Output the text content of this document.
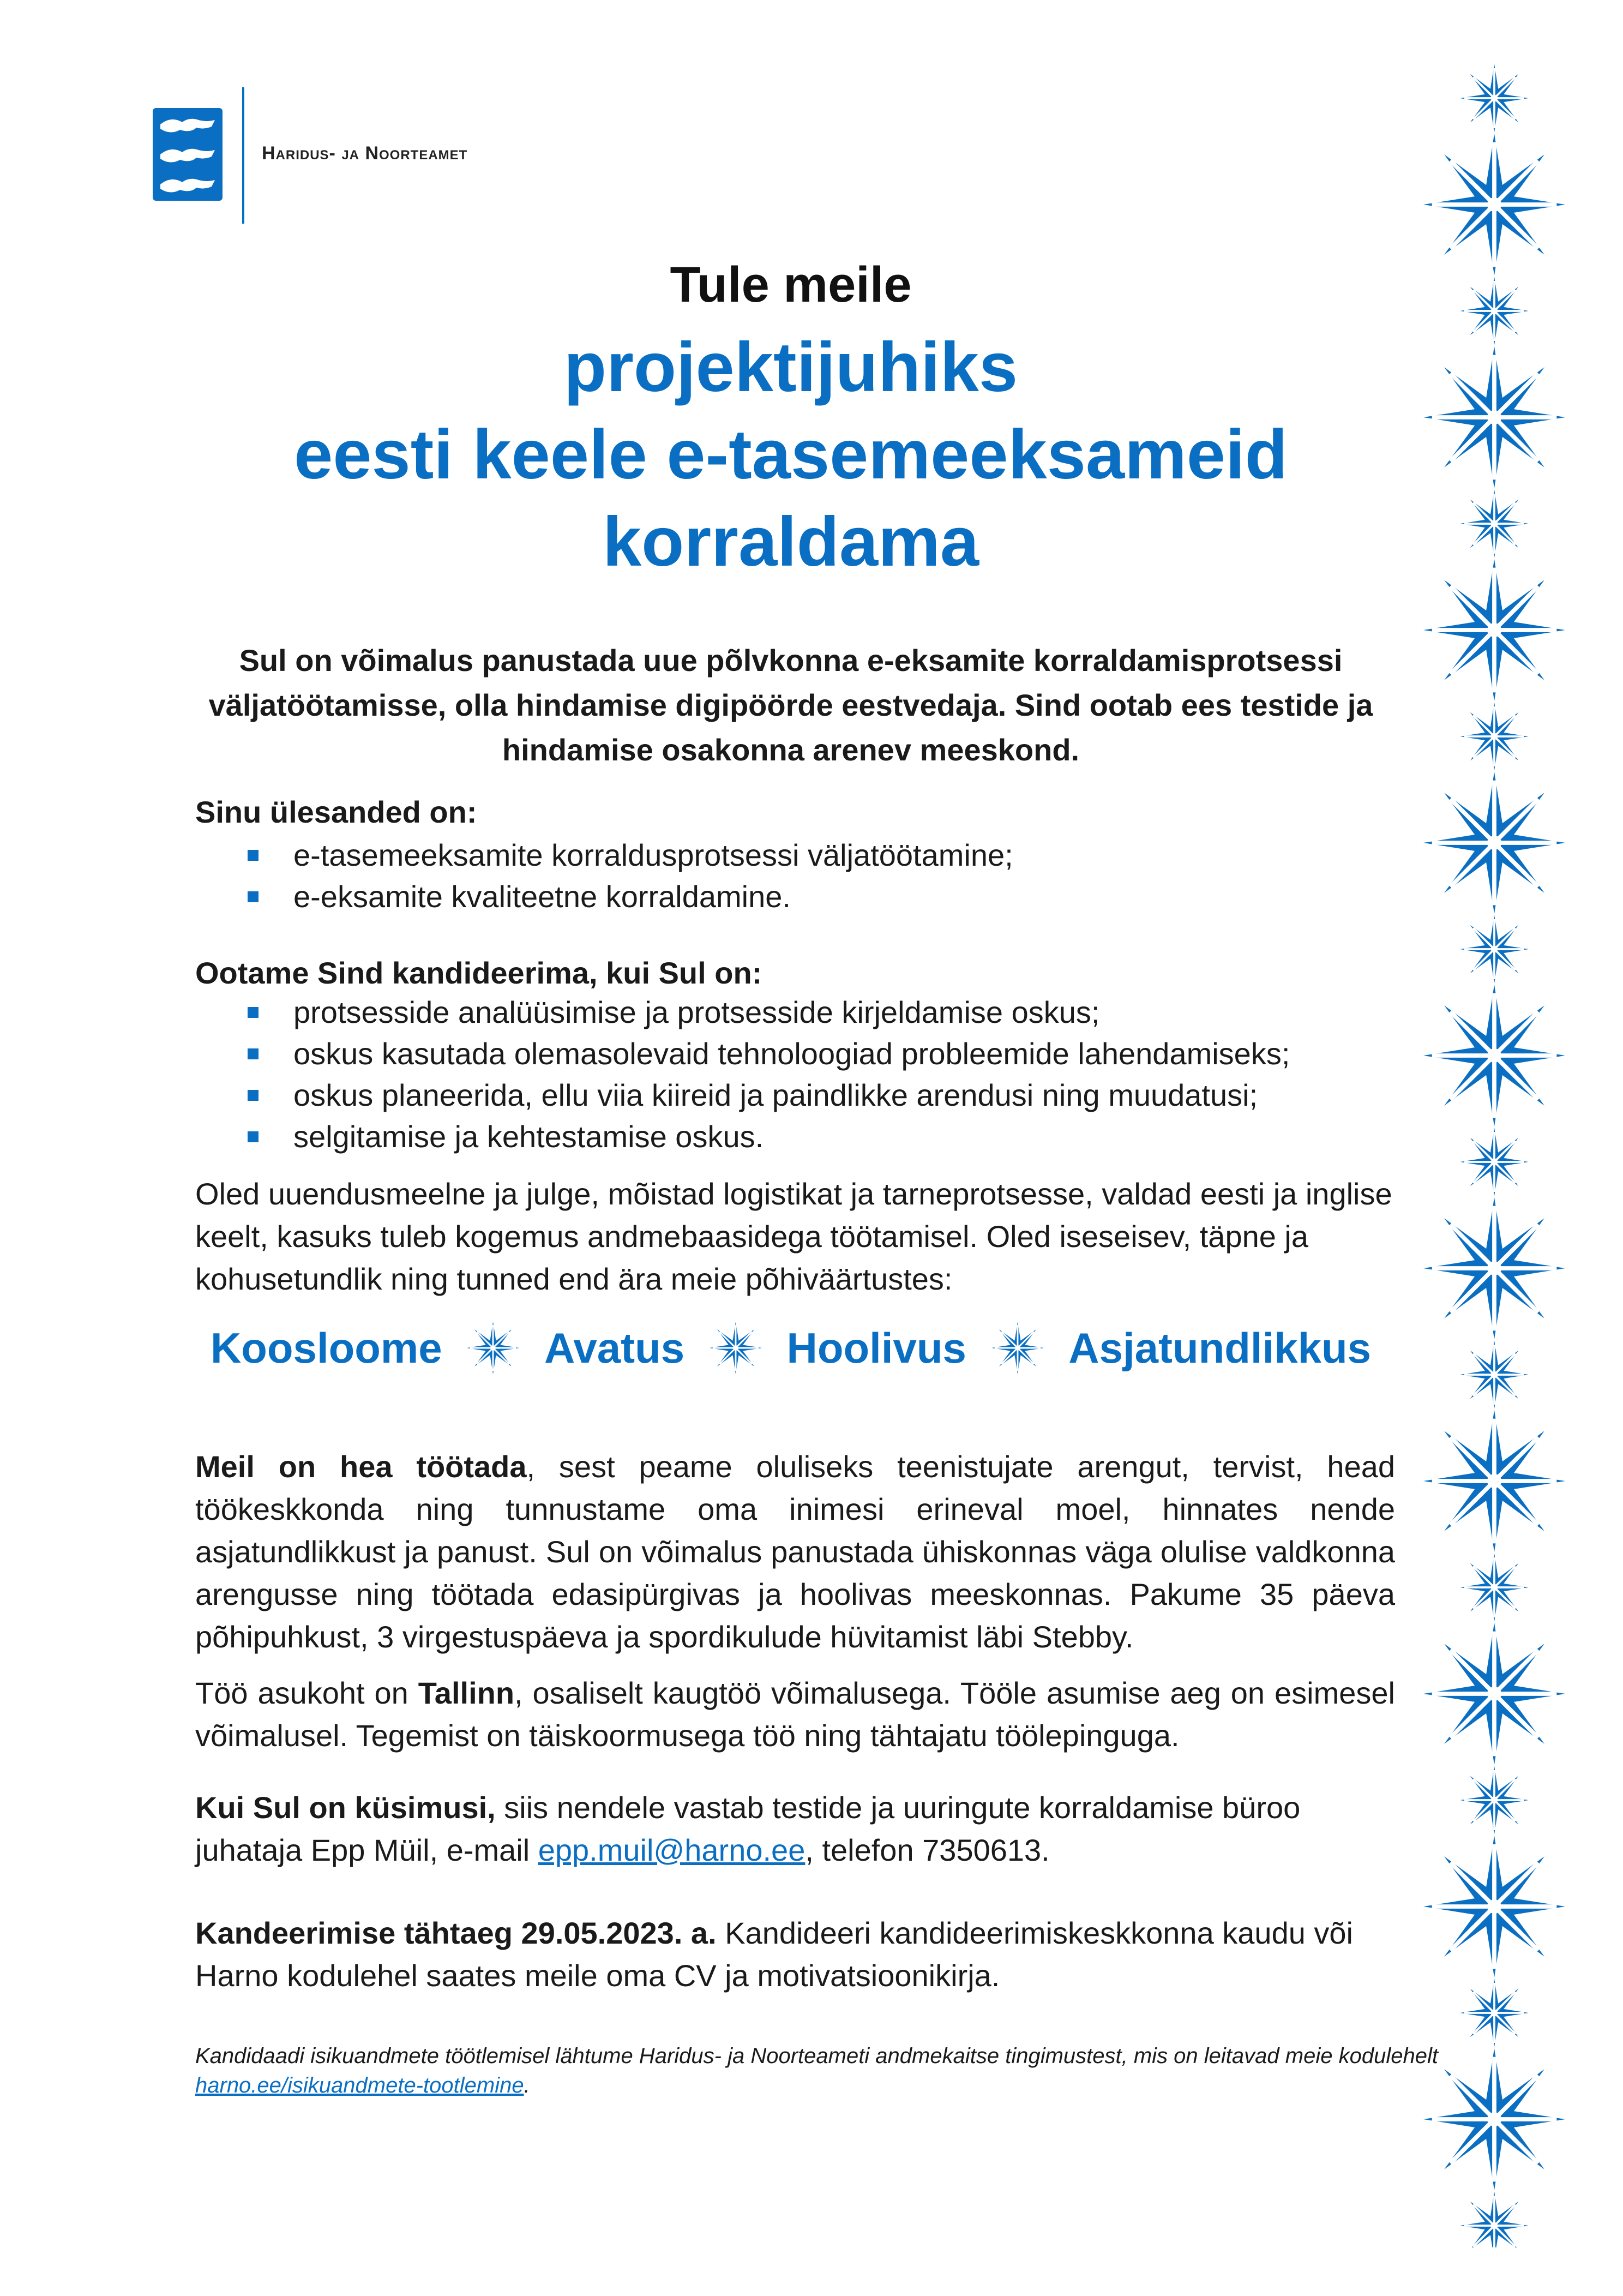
Haridus- ja Noorteamet
Tule meile
projektijuhiks
eesti keele e-tasemeeksameid
korraldama
Sul on võimalus panustada uue põlvkonna e-eksamite korraldamisprotsessi väljatöötamisse, olla hindamise digipöörde eestvedaja. Sind ootab ees testide ja hindamise osakonna arenev meeskond.
Sinu ülesanded on:
e-tasemeeksamite korraldusprotsessi väljatöötamine;
e-eksamite kvaliteetne korraldamine.
Ootame Sind kandideerima, kui Sul on:
protsesside analüüsimise ja protsesside kirjeldamise oskus;
oskus kasutada olemasolevaid tehnoloogiad probleemide lahendamiseks;
oskus planeerida, ellu viia kiireid ja paindlikke arendusi ning muudatusi;
selgitamise ja kehtestamise oskus.
Oled uuendusmeelne ja julge, mõistad logistikat ja tarneprotsesse, valdad eesti ja inglise keelt, kasuks tuleb kogemus andmebaasidega töötamisel. Oled iseseisev, täpne ja kohusetundlik ning tunned end ära meie põhiväärtustes:
Koosloome Avatus Hoolivus Asjatundlikkus
Meil on hea töötada, sest peame oluliseks teenistujate arengut, tervist, head töökeskkonda ning tunnustame oma inimesi erineval moel, hinnates nende asjatundlikkust ja panust. Sul on võimalus panustada ühiskonnas väga olulise valdkonna arengusse ning töötada edasipürgivas ja hoolivas meeskonnas. Pakume 35 päeva põhipuhkust, 3 virgestuspäeva ja spordikulude hüvitamist läbi Stebby.
Töö asukoht on Tallinn, osaliselt kaugtöö võimalusega. Tööle asumise aeg on esimesel võimalusel. Tegemist on täiskoormusega töö ning tähtajatu töölepinguga.
Kui Sul on küsimusi, siis nendele vastab testide ja uuringute korraldamise büroo juhataja Epp Müil, e-mail epp.muil@harno.ee, telefon 7350613.
Kandeerimise tähtaeg 29.05.2023. a. Kandideeri kandideerimiskeskkonna kaudu või Harno kodulehel saates meile oma CV ja motivatsioonikirja.
Kandidaadi isikuandmete töötlemisel lähtume Haridus- ja Noorteameti andmekaitse tingimustest, mis on leitavad meie kodulehelt harno.ee/isikuandmete-tootlemine.
